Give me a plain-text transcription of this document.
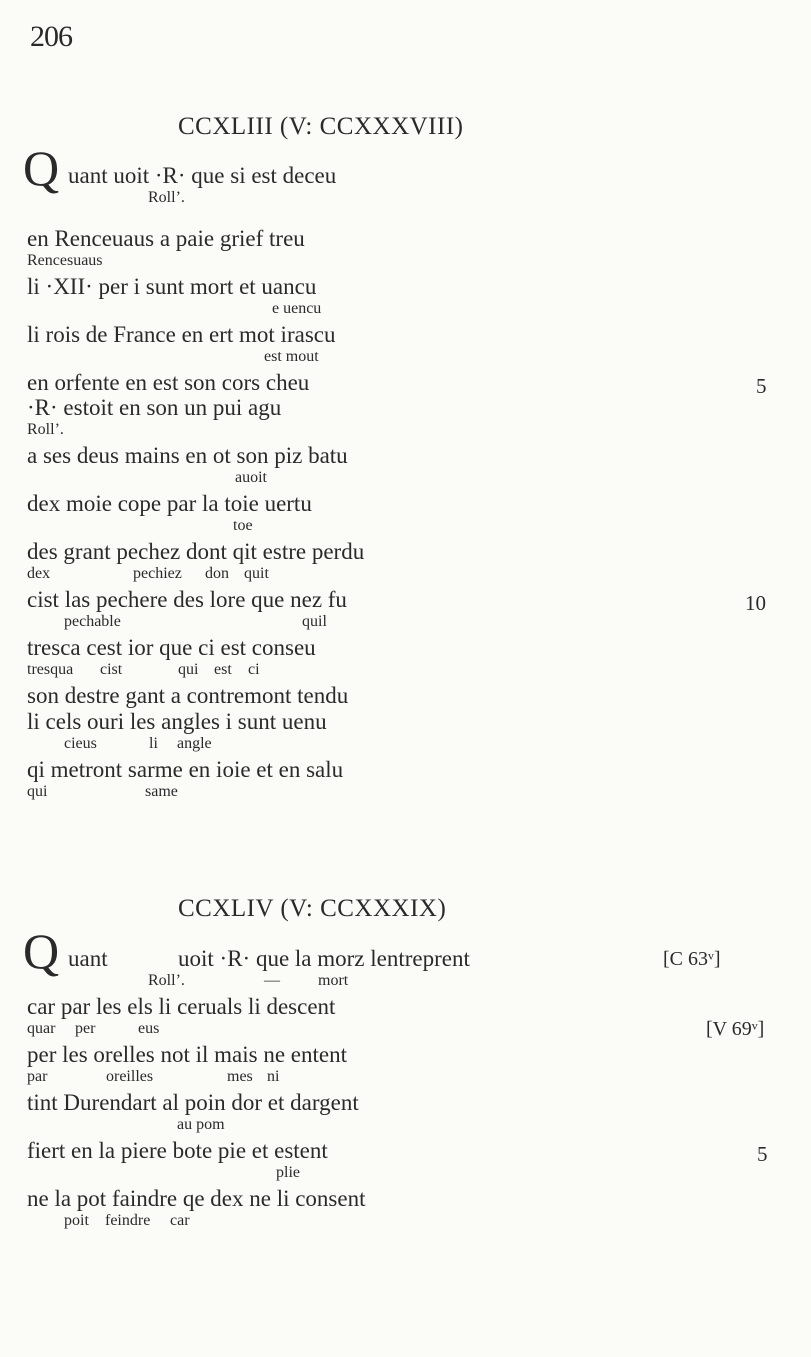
206
CCXLIII (V: CCXXXVIII)
Q uant uoit ·R· que si est deceu
Roll’.
en Renceuaus a paie grief treu
Rencesuaus
li ·XII· per i sunt mort et uancu
e uencu
li rois de France en ert mot irascu
est mout
en orfente en est son cors cheu	5
·R· estoit en son un pui agu
Roll’.
a ses deus mains en ot son piz batu
auoit
dex moie cope par la toie uertu
toe
des grant pechez dont qit estre perdu
dex	pechiez don quit
cist las pechere des lore que nez fu	10
pechable	quil
tresca cest ior que ci est conseu
tresqua cist	qui est ci
son destre gant a contremont tendu
li cels ouri les angles i sunt uenu
cieus	li angle
qi metront sarme en ioie et en salu
qui	same
CCXLIV (V: CCXXXIX)
Q uant	uoit ·R· que la morz lentreprent	[C 63ᵛ]
Roll’.	— mort
car par les els li ceruals li descent
quar per	eus	[V 69ᵛ]
per les orelles not il mais ne entent
par	oreilles	mes ni
tint Durendart al poin dor et dargent
au pom
fiert en la piere bote pie et estent	5
plie
ne la pot faindre qe dex ne li consent
poit feindre car
